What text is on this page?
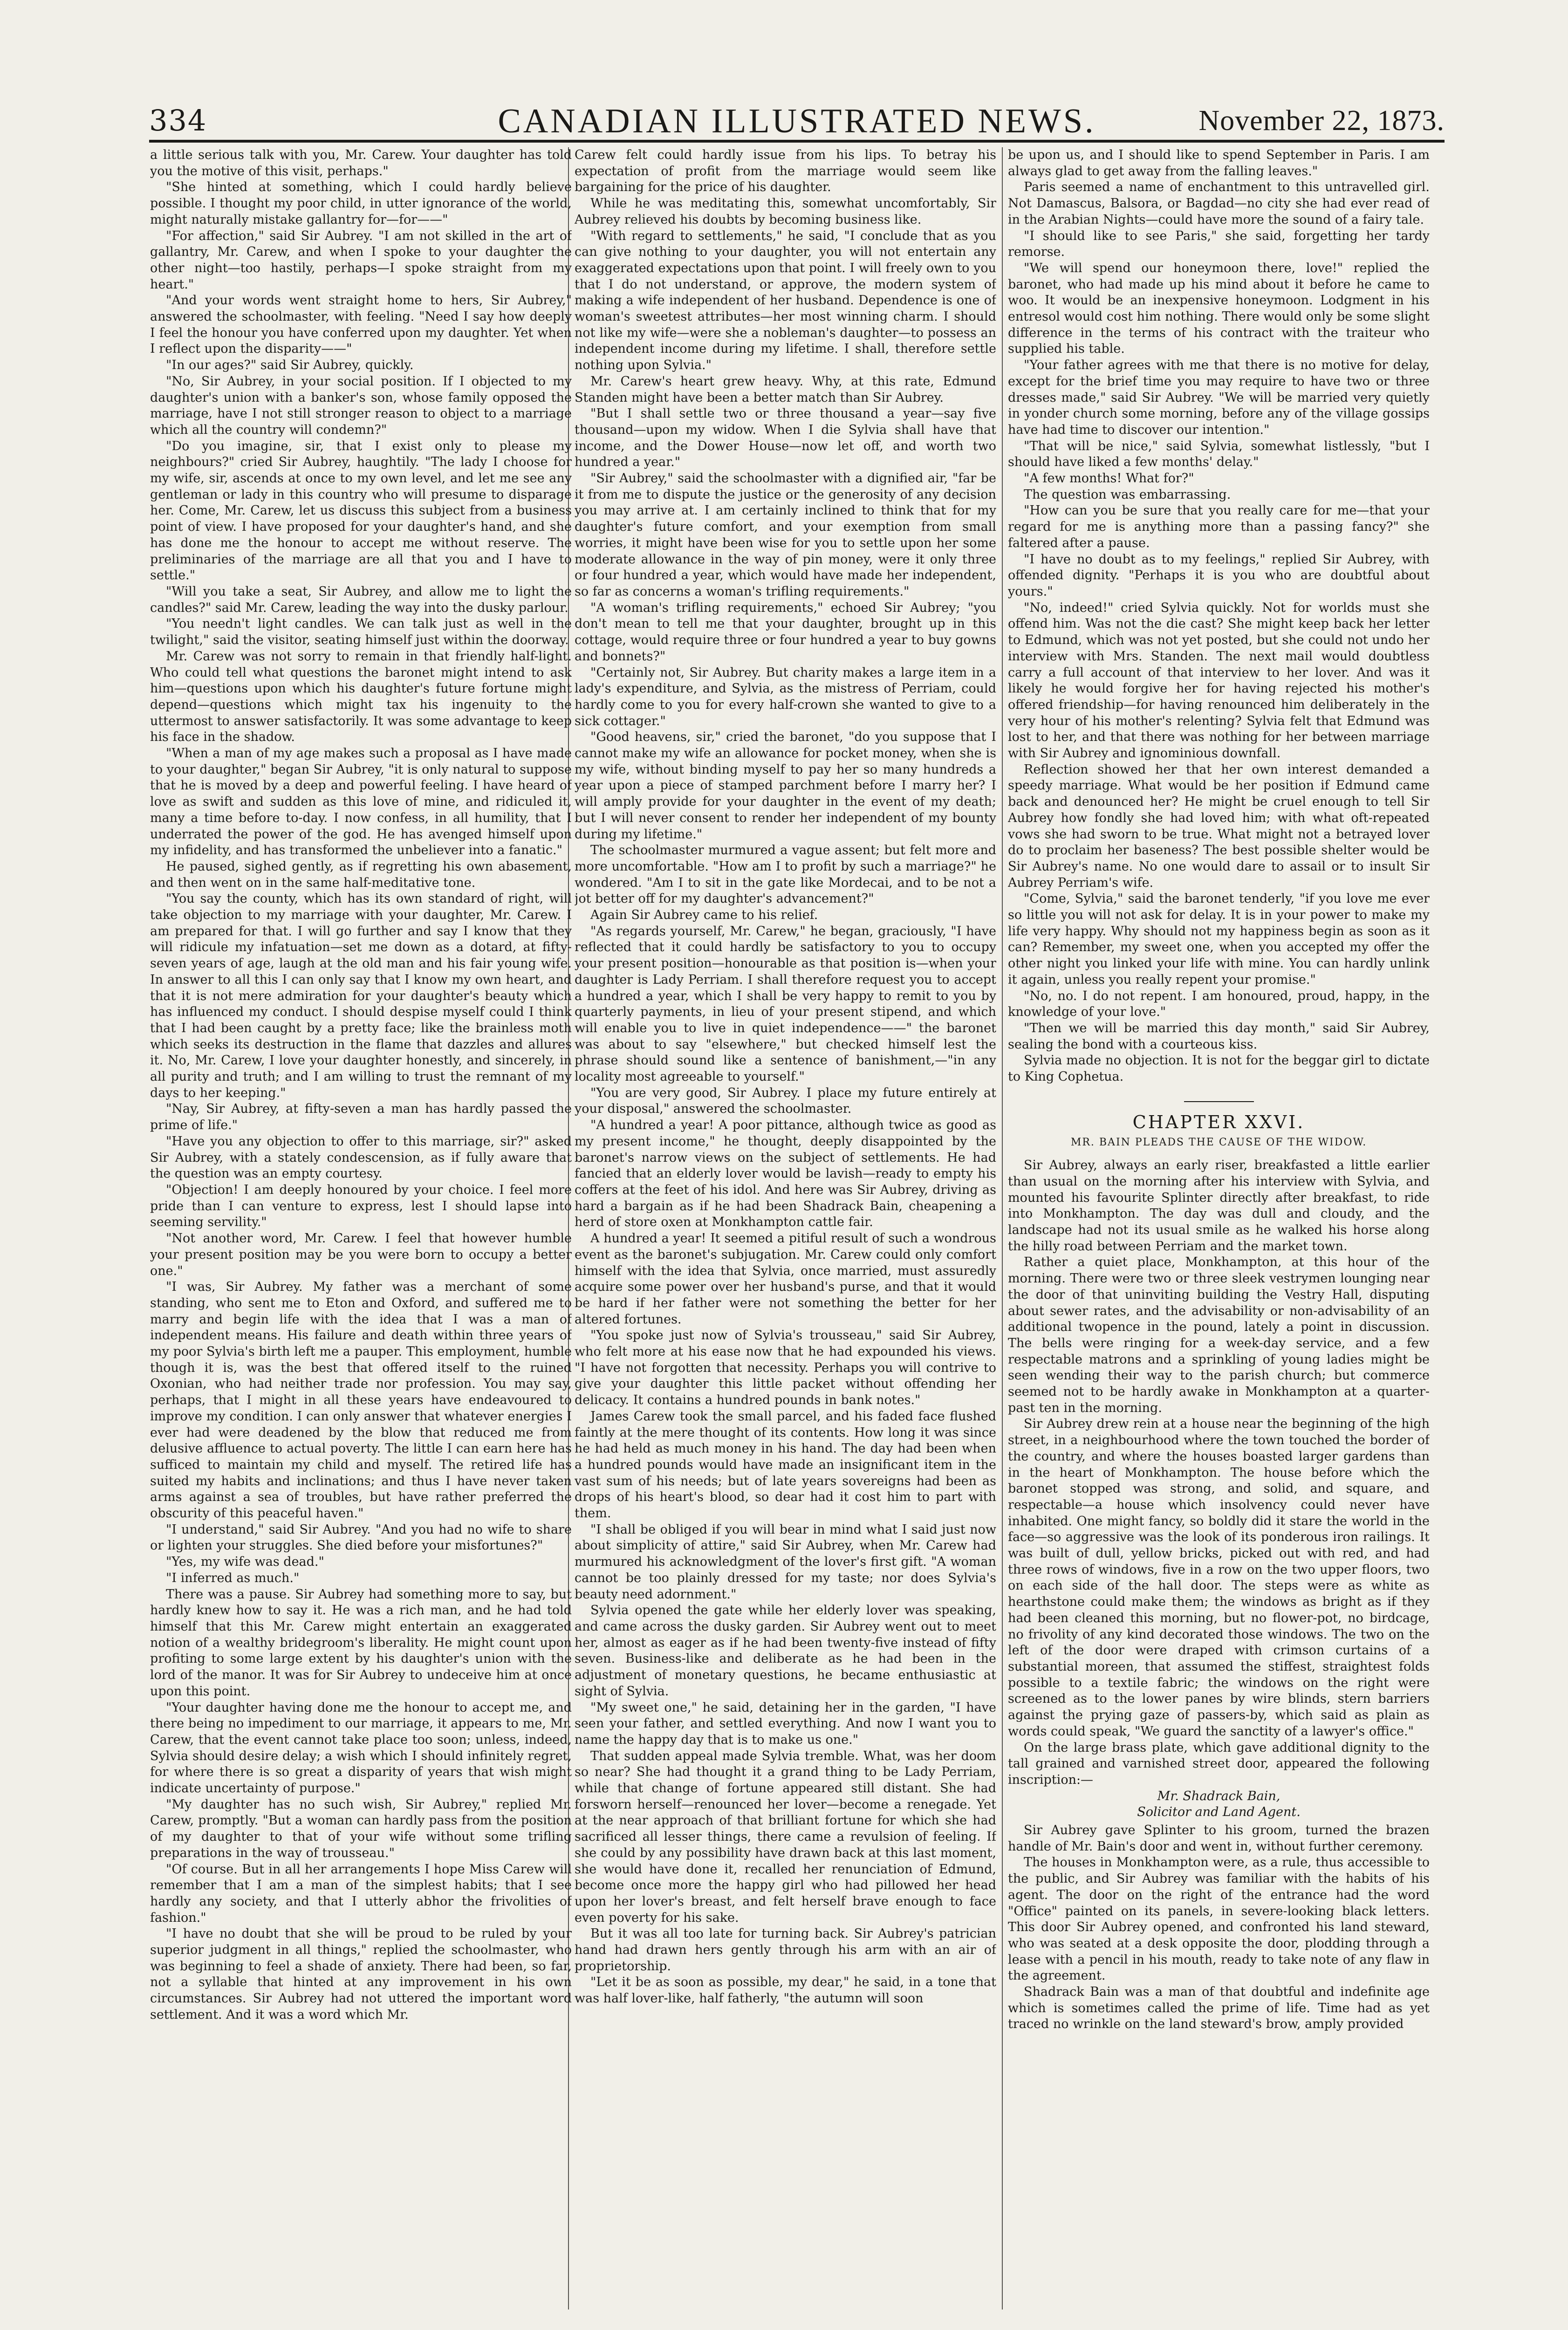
334	CANADIAN ILLUSTRATED NEWS.	November 22, 1873.

a little serious talk with you, Mr. Carew. Your daughter has told you the motive of this visit, perhaps."

"She hinted at something, which I could hardly believe possible. I thought my poor child, in utter ignorance of the world, might naturally mistake gallantry for—for——"

"For affection," said Sir Aubrey. "I am not skilled in the art of gallantry, Mr. Carew, and when I spoke to your daughter the other night—too hastily, perhaps—I spoke straight from my heart."

"And your words went straight home to hers, Sir Aubrey," answered the schoolmaster, with feeling. "Need I say how deeply I feel the honour you have conferred upon my daughter. Yet when I reflect upon the disparity——"

"In our ages?" said Sir Aubrey, quickly.

"No, Sir Aubrey, in your social position. If I objected to my daughter's union with a banker's son, whose family opposed the marriage, have I not still stronger reason to object to a marriage which all the country will condemn?"

"Do you imagine, sir, that I exist only to please my neighbours?" cried Sir Aubrey, haughtily. "The lady I choose for my wife, sir, ascends at once to my own level, and let me see any gentleman or lady in this country who will presume to disparage her. Come, Mr. Carew, let us discuss this subject from a business point of view. I have proposed for your daughter's hand, and she has done me the honour to accept me without reserve. The preliminaries of the marriage are all that you and I have to settle."

"Will you take a seat, Sir Aubrey, and allow me to light the candles?" said Mr. Carew, leading the way into the dusky parlour.

"You needn't light candles. We can talk just as well in the twilight," said the visitor, seating himself just within the doorway.

Mr. Carew was not sorry to remain in that friendly half-light. Who could tell what questions the baronet might intend to ask him—questions upon which his daughter's future fortune might depend—questions which might tax his ingenuity to the uttermost to answer satisfactorily. It was some advantage to keep his face in the shadow.

"When a man of my age makes such a proposal as I have made to your daughter," began Sir Aubrey, "it is only natural to suppose that he is moved by a deep and powerful feeling. I have heard of love as swift and sudden as this love of mine, and ridiculed it, many a time before to-day. I now confess, in all humility, that I underrated the power of the god. He has avenged himself upon my infidelity, and has transformed the unbeliever into a fanatic."

He paused, sighed gently, as if regretting his own abasement, and then went on in the same half-meditative tone.

"You say the county, which has its own standard of right, will take objection to my marriage with your daughter, Mr. Carew. I am prepared for that. I will go further and say I know that they will ridicule my infatuation—set me down as a dotard, at fifty-seven years of age, laugh at the old man and his fair young wife. In answer to all this I can only say that I know my own heart, and that it is not mere admiration for your daughter's beauty which has influenced my conduct. I should despise myself could I think that I had been caught by a pretty face; like the brainless moth which seeks its destruction in the flame that dazzles and allures it. No, Mr. Carew, I love your daughter honestly, and sincerely, in all purity and truth; and I am willing to trust the remnant of my days to her keeping."

"Nay, Sir Aubrey, at fifty-seven a man has hardly passed the prime of life."

"Have you any objection to offer to this marriage, sir?" asked Sir Aubrey, with a stately condescension, as if fully aware that the question was an empty courtesy.

"Objection! I am deeply honoured by your choice. I feel more pride than I can venture to express, lest I should lapse into seeming servility."

"Not another word, Mr. Carew. I feel that however humble your present position may be you were born to occupy a better one."

"I was, Sir Aubrey. My father was a merchant of some standing, who sent me to Eton and Oxford, and suffered me to marry and begin life with the idea that I was a man of independent means. His failure and death within three years of my poor Sylvia's birth left me a pauper. This employment, humble though it is, was the best that offered itself to the ruined Oxonian, who had neither trade nor profession. You may say, perhaps, that I might in all these years have endeavoured to improve my condition. I can only answer that whatever energies I ever had were deadened by the blow that reduced me from delusive affluence to actual poverty. The little I can earn here has sufficed to maintain my child and myself. The retired life has suited my habits and inclinations; and thus I have never taken arms against a sea of troubles, but have rather preferred the obscurity of this peaceful haven."

"I understand," said Sir Aubrey. "And you had no wife to share or lighten your struggles. She died before your misfortunes?"

"Yes, my wife was dead."

"I inferred as much."

There was a pause. Sir Aubrey had something more to say, but hardly knew how to say it. He was a rich man, and he had told himself that this Mr. Carew might entertain an exaggerated notion of a wealthy bridegroom's liberality. He might count upon profiting to some large extent by his daughter's union with the lord of the manor. It was for Sir Aubrey to undeceive him at once upon this point.

"Your daughter having done me the honour to accept me, and there being no impediment to our marriage, it appears to me, Mr. Carew, that the event cannot take place too soon; unless, indeed, Sylvia should desire delay; a wish which I should infinitely regret, for where there is so great a disparity of years that wish might indicate uncertainty of purpose."

"My daughter has no such wish, Sir Aubrey," replied Mr. Carew, promptly. "But a woman can hardly pass from the position of my daughter to that of your wife without some trifling preparations in the way of trousseau."

"Of course. But in all her arrangements I hope Miss Carew will remember that I am a man of the simplest habits; that I see hardly any society, and that I utterly abhor the frivolities of fashion."

"I have no doubt that she will be proud to be ruled by your superior judgment in all things," replied the schoolmaster, who was beginning to feel a shade of anxiety. There had been, so far, not a syllable that hinted at any improvement in his own circumstances. Sir Aubrey had not uttered the important word settlement. And it was a word which Mr.

Carew felt could hardly issue from his lips. To betray his expectation of profit from the marriage would seem like bargaining for the price of his daughter.

While he was meditating this, somewhat uncomfortably, Sir Aubrey relieved his doubts by becoming business like.

"With regard to settlements," he said, "I conclude that as you can give nothing to your daughter, you will not entertain any exaggerated expectations upon that point. I will freely own to you that I do not understand, or approve, the modern system of making a wife independent of her husband. Dependence is one of woman's sweetest attributes—her most winning charm. I should not like my wife—were she a nobleman's daughter—to possess an independent income during my lifetime. I shall, therefore settle nothing upon Sylvia."

Mr. Carew's heart grew heavy. Why, at this rate, Edmund Standen might have been a better match than Sir Aubrey.

"But I shall settle two or three thousand a year—say five thousand—upon my widow. When I die Sylvia shall have that income, and the Dower House—now let off, and worth two hundred a year."

"Sir Aubrey," said the schoolmaster with a dignified air, "far be it from me to dispute the justice or the generosity of any decision you may arrive at. I am certainly inclined to think that for my daughter's future comfort, and your exemption from small worries, it might have been wise for you to settle upon her some moderate allowance in the way of pin money, were it only three or four hundred a year, which would have made her independent, so far as concerns a woman's trifling requirements."

"A woman's trifling requirements," echoed Sir Aubrey; "you don't mean to tell me that your daughter, brought up in this cottage, would require three or four hundred a year to buy gowns and bonnets?"

"Certainly not, Sir Aubrey. But charity makes a large item in a lady's expenditure, and Sylvia, as the mistress of Perriam, could hardly come to you for every half-crown she wanted to give to a sick cottager."

"Good heavens, sir," cried the baronet, "do you suppose that I cannot make my wife an allowance for pocket money, when she is my wife, without binding myself to pay her so many hundreds a year upon a piece of stamped parchment before I marry her? I will amply provide for your daughter in the event of my death; but I will never consent to render her independent of my bounty during my lifetime."

The schoolmaster murmured a vague assent; but felt more and more uncomfortable. "How am I to profit by such a marriage?" he wondered. "Am I to sit in the gate like Mordecai, and to be not a jot better off for my daughter's advancement?"

Again Sir Aubrey came to his relief.

"As regards yourself, Mr. Carew," he began, graciously, "I have reflected that it could hardly be satisfactory to you to occupy your present position—honourable as that position is—when your daughter is Lady Perriam. I shall therefore request you to accept a hundred a year, which I shall be very happy to remit to you by quarterly payments, in lieu of your present stipend, and which will enable you to live in quiet independence——" the baronet was about to say "elsewhere," but checked himself lest the phrase should sound like a sentence of banishment,—"in any locality most agreeable to yourself."

"You are very good, Sir Aubrey. I place my future entirely at your disposal," answered the schoolmaster.

"A hundred a year! A poor pittance, although twice as good as my present income," he thought, deeply disappointed by the baronet's narrow views on the subject of settlements. He had fancied that an elderly lover would be lavish—ready to empty his coffers at the feet of his idol. And here was Sir Aubrey, driving as hard a bargain as if he had been Shadrack Bain, cheapening a herd of store oxen at Monkhampton cattle fair.

A hundred a year! It seemed a pitiful result of such a wondrous event as the baronet's subjugation. Mr. Carew could only comfort himself with the idea that Sylvia, once married, must assuredly acquire some power over her husband's purse, and that it would be hard if her father were not something the better for her altered fortunes.

"You spoke just now of Sylvia's trousseau," said Sir Aubrey, who felt more at his ease now that he had expounded his views. "I have not forgotten that necessity. Perhaps you will contrive to give your daughter this little packet without offending her delicacy. It contains a hundred pounds in bank notes."

James Carew took the small parcel, and his faded face flushed faintly at the mere thought of its contents. How long it was since he had held as much money in his hand. The day had been when a hundred pounds would have made an insignificant item in the vast sum of his needs; but of late years sovereigns had been as drops of his heart's blood, so dear had it cost him to part with them.

"I shall be obliged if you will bear in mind what I said just now about simplicity of attire," said Sir Aubrey, when Mr. Carew had murmured his acknowledgment of the lover's first gift. "A woman cannot be too plainly dressed for my taste; nor does Sylvia's beauty need adornment."

Sylvia opened the gate while her elderly lover was speaking, and came across the dusky garden. Sir Aubrey went out to meet her, almost as eager as if he had been twenty-five instead of fifty seven. Business-like and deliberate as he had been in the adjustment of monetary questions, he became enthusiastic at sight of Sylvia.

"My sweet one," he said, detaining her in the garden, "I have seen your father, and settled everything. And now I want you to name the happy day that is to make us one."

That sudden appeal made Sylvia tremble. What, was her doom so near? She had thought it a grand thing to be Lady Perriam, while that change of fortune appeared still distant. She had forsworn herself—renounced her lover—become a renegade. Yet at the near approach of that brilliant fortune for which she had sacrificed all lesser things, there came a revulsion of feeling. If she could by any possibility have drawn back at this last moment, she would have done it, recalled her renunciation of Edmund, become once more the happy girl who had pillowed her head upon her lover's breast, and felt herself brave enough to face even poverty for his sake.

But it was all too late for turning back. Sir Aubrey's patrician hand had drawn hers gently through his arm with an air of proprietorship.

"Let it be as soon as possible, my dear," he said, in a tone that was half lover-like, half fatherly, "the autumn will soon

be upon us, and I should like to spend September in Paris. I am always glad to get away from the falling leaves."

Paris seemed a name of enchantment to this untravelled girl. Not Damascus, Balsora, or Bagdad—no city she had ever read of in the Arabian Nights—could have more the sound of a fairy tale.

"I should like to see Paris," she said, forgetting her tardy remorse.

"We will spend our honeymoon there, love!" replied the baronet, who had made up his mind about it before he came to woo. It would be an inexpensive honeymoon. Lodgment in his entresol would cost him nothing. There would only be some slight difference in the terms of his contract with the traiteur who supplied his table.

"Your father agrees with me that there is no motive for delay, except for the brief time you may require to have two or three dresses made," said Sir Aubrey. "We will be married very quietly in yonder church some morning, before any of the village gossips have had time to discover our intention."

"That will be nice," said Sylvia, somewhat listlessly, "but I should have liked a few months' delay."

"A few months! What for?"

The question was embarrassing.

"How can you be sure that you really care for me—that your regard for me is anything more than a passing fancy?" she faltered after a pause.

"I have no doubt as to my feelings," replied Sir Aubrey, with offended dignity. "Perhaps it is you who are doubtful about yours."

"No, indeed!" cried Sylvia quickly. Not for worlds must she offend him. Was not the die cast? She might keep back her letter to Edmund, which was not yet posted, but she could not undo her interview with Mrs. Standen. The next mail would doubtless carry a full account of that interview to her lover. And was it likely he would forgive her for having rejected his mother's offered friendship—for having renounced him deliberately in the very hour of his mother's relenting? Sylvia felt that Edmund was lost to her, and that there was nothing for her between marriage with Sir Aubrey and ignominious downfall.

Reflection showed her that her own interest demanded a speedy marriage. What would be her position if Edmund came back and denounced her? He might be cruel enough to tell Sir Aubrey how fondly she had loved him; with what oft-repeated vows she had sworn to be true. What might not a betrayed lover do to proclaim her baseness? The best possible shelter would be Sir Aubrey's name. No one would dare to assail or to insult Sir Aubrey Perriam's wife.

"Come, Sylvia," said the baronet tenderly, "if you love me ever so little you will not ask for delay. It is in your power to make my life very happy. Why should not my happiness begin as soon as it can? Remember, my sweet one, when you accepted my offer the other night you linked your life with mine. You can hardly unlink it again, unless you really repent your promise."

"No, no. I do not repent. I am honoured, proud, happy, in the knowledge of your love."

"Then we will be married this day month," said Sir Aubrey, sealing the bond with a courteous kiss.

Sylvia made no objection. It is not for the beggar girl to dictate to King Cophetua.

CHAPTER XXVI.
MR. BAIN PLEADS THE CAUSE OF THE WIDOW.

Sir Aubrey, always an early riser, breakfasted a little earlier than usual on the morning after his interview with Sylvia, and mounted his favourite Splinter directly after breakfast, to ride into Monkhampton. The day was dull and cloudy, and the landscape had not its usual smile as he walked his horse along the hilly road between Perriam and the market town.

Rather a quiet place, Monkhampton, at this hour of the morning. There were two or three sleek vestrymen lounging near the door of that uninviting building the Vestry Hall, disputing about sewer rates, and the advisability or non-advisability of an additional twopence in the pound, lately a point in discussion. The bells were ringing for a week-day service, and a few respectable matrons and a sprinkling of young ladies might be seen wending their way to the parish church; but commerce seemed not to be hardly awake in Monkhampton at a quarter-past ten in the morning.

Sir Aubrey drew rein at a house near the beginning of the high street, in a neighbourhood where the town touched the border of the country, and where the houses boasted larger gardens than in the heart of Monkhampton. The house before which the baronet stopped was strong, and solid, and square, and respectable—a house which insolvency could never have inhabited. One might fancy, so boldly did it stare the world in the face—so aggressive was the look of its ponderous iron railings. It was built of dull, yellow bricks, picked out with red, and had three rows of windows, five in a row on the two upper floors, two on each side of the hall door. The steps were as white as hearthstone could make them; the windows as bright as if they had been cleaned this morning, but no flower-pot, no birdcage, no frivolity of any kind decorated those windows. The two on the left of the door were draped with crimson curtains of a substantial moreen, that assumed the stiffest, straightest folds possible to a textile fabric; the windows on the right were screened as to the lower panes by wire blinds, stern barriers against the prying gaze of passers-by, which said as plain as words could speak, "We guard the sanctity of a lawyer's office."

On the large brass plate, which gave additional dignity to the tall grained and varnished street door, appeared the following inscription:—

Mr. Shadrack Bain,
Solicitor and Land Agent.

Sir Aubrey gave Splinter to his groom, turned the brazen handle of Mr. Bain's door and went in, without further ceremony.

The houses in Monkhampton were, as a rule, thus accessible to the public, and Sir Aubrey was familiar with the habits of his agent. The door on the right of the entrance had the word "Office" painted on its panels, in severe-looking black letters. This door Sir Aubrey opened, and confronted his land steward, who was seated at a desk opposite the door, plodding through a lease with a pencil in his mouth, ready to take note of any flaw in the agreement.

Shadrack Bain was a man of that doubtful and indefinite age which is sometimes called the prime of life. Time had as yet traced no wrinkle on the land steward's brow, amply provided
